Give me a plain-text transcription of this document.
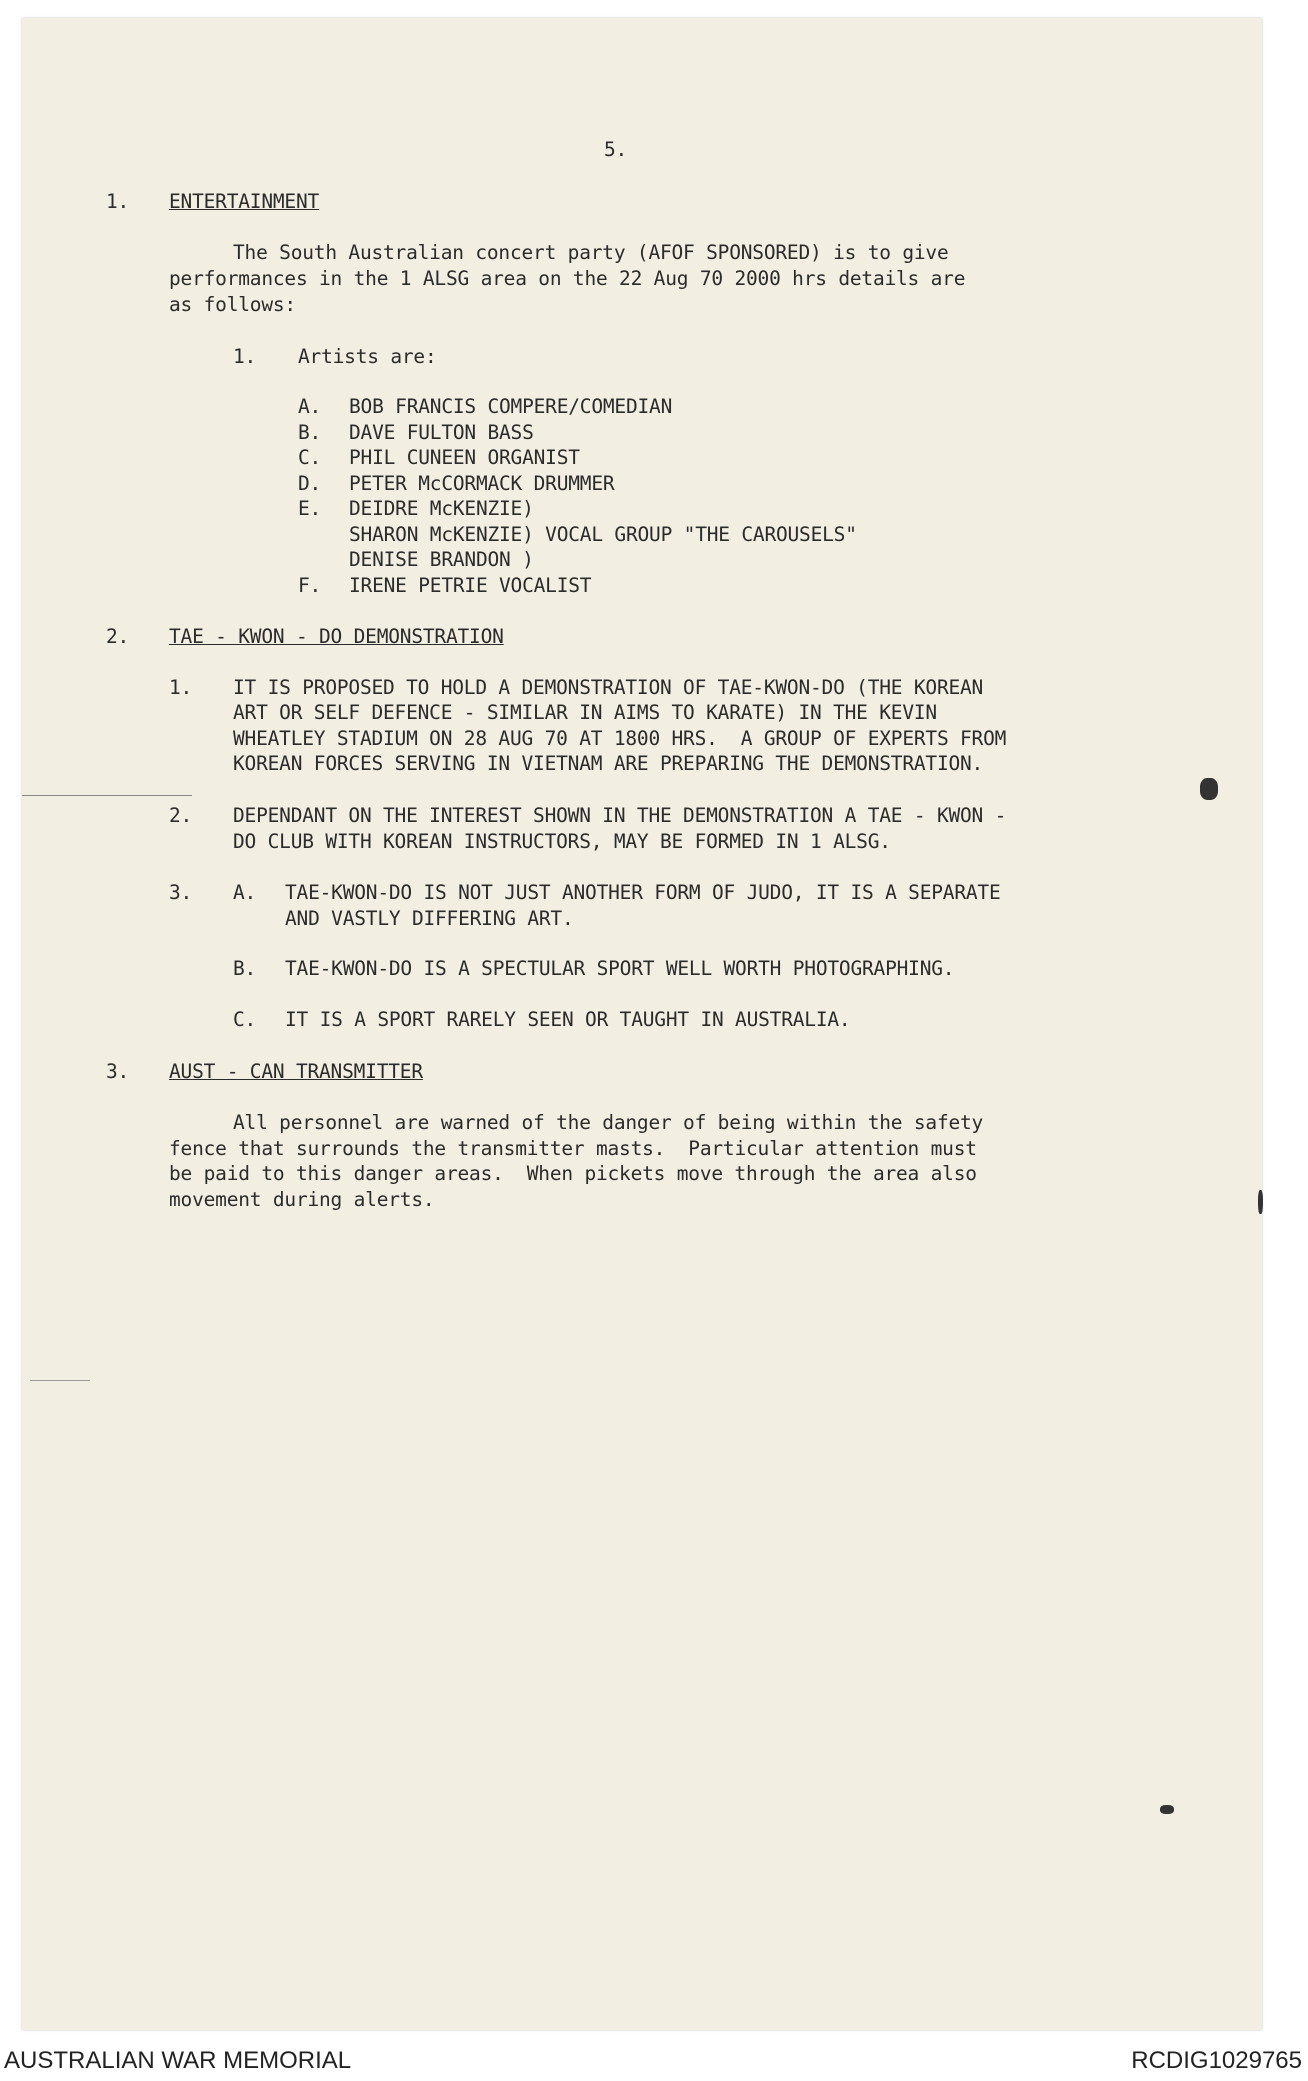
5.
1. ENTERTAINMENT
The South Australian concert party (AFOF SPONSORED) is to give
performances in the 1 ALSG area on the 22 Aug 70 2000 hrs details are
as follows:
1. Artists are:
A. BOB FRANCIS COMPERE/COMEDIAN
B. DAVE FULTON BASS
C. PHIL CUNEEN ORGANIST
D. PETER McCORMACK DRUMMER
E. DEIDRE McKENZIE)
SHARON McKENZIE) VOCAL GROUP "THE CAROUSELS"
DENISE BRANDON )
F. IRENE PETRIE VOCALIST
2. TAE - KWON - DO DEMONSTRATION
1. IT IS PROPOSED TO HOLD A DEMONSTRATION OF TAE-KWON-DO (THE KOREAN
ART OR SELF DEFENCE - SIMILAR IN AIMS TO KARATE) IN THE KEVIN
WHEATLEY STADIUM ON 28 AUG 70 AT 1800 HRS.  A GROUP OF EXPERTS FROM
KOREAN FORCES SERVING IN VIETNAM ARE PREPARING THE DEMONSTRATION.
2. DEPENDANT ON THE INTEREST SHOWN IN THE DEMONSTRATION A TAE - KWON -
DO CLUB WITH KOREAN INSTRUCTORS, MAY BE FORMED IN 1 ALSG.
3. A. TAE-KWON-DO IS NOT JUST ANOTHER FORM OF JUDO, IT IS A SEPARATE
AND VASTLY DIFFERING ART.
B. TAE-KWON-DO IS A SPECTULAR SPORT WELL WORTH PHOTOGRAPHING.
C. IT IS A SPORT RARELY SEEN OR TAUGHT IN AUSTRALIA.
3. AUST - CAN TRANSMITTER
All personnel are warned of the danger of being within the safety
fence that surrounds the transmitter masts.  Particular attention must
be paid to this danger areas.  When pickets move through the area also
movement during alerts.
AUSTRALIAN WAR MEMORIAL	RCDIG1029765
